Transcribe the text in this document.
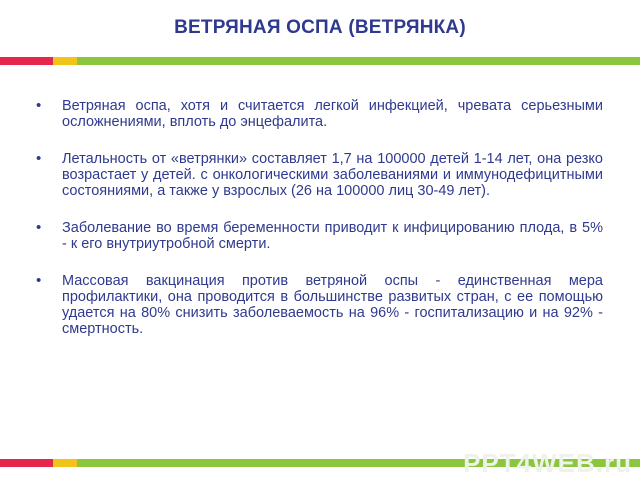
ВЕТРЯНАЯ ОСПА (ВЕТРЯНКА)
•	Ветряная оспа, хотя и считается легкой инфекцией, чревата серьезными осложнениями, вплоть до энцефалита.
•	Летальность от «ветрянки» составляет 1,7 на 100000 детей 1-14 лет, она резко возрастает у детей. с онкологическими заболеваниями и иммунодефицитными состояниями, а также у взрослых (26 на 100000 лиц 30-49 лет).
•	Заболевание во время беременности приводит к инфицированию плода, в 5% - к его внутриутробной смерти.
•	Массовая вакцинация против ветряной оспы - единственная мера профилактики, она проводится в большинстве развитых стран, с ее помощью удается на 80% снизить заболеваемость на 96% - госпитализацию и на 92% - смертность.
PPT4WEB.ru
